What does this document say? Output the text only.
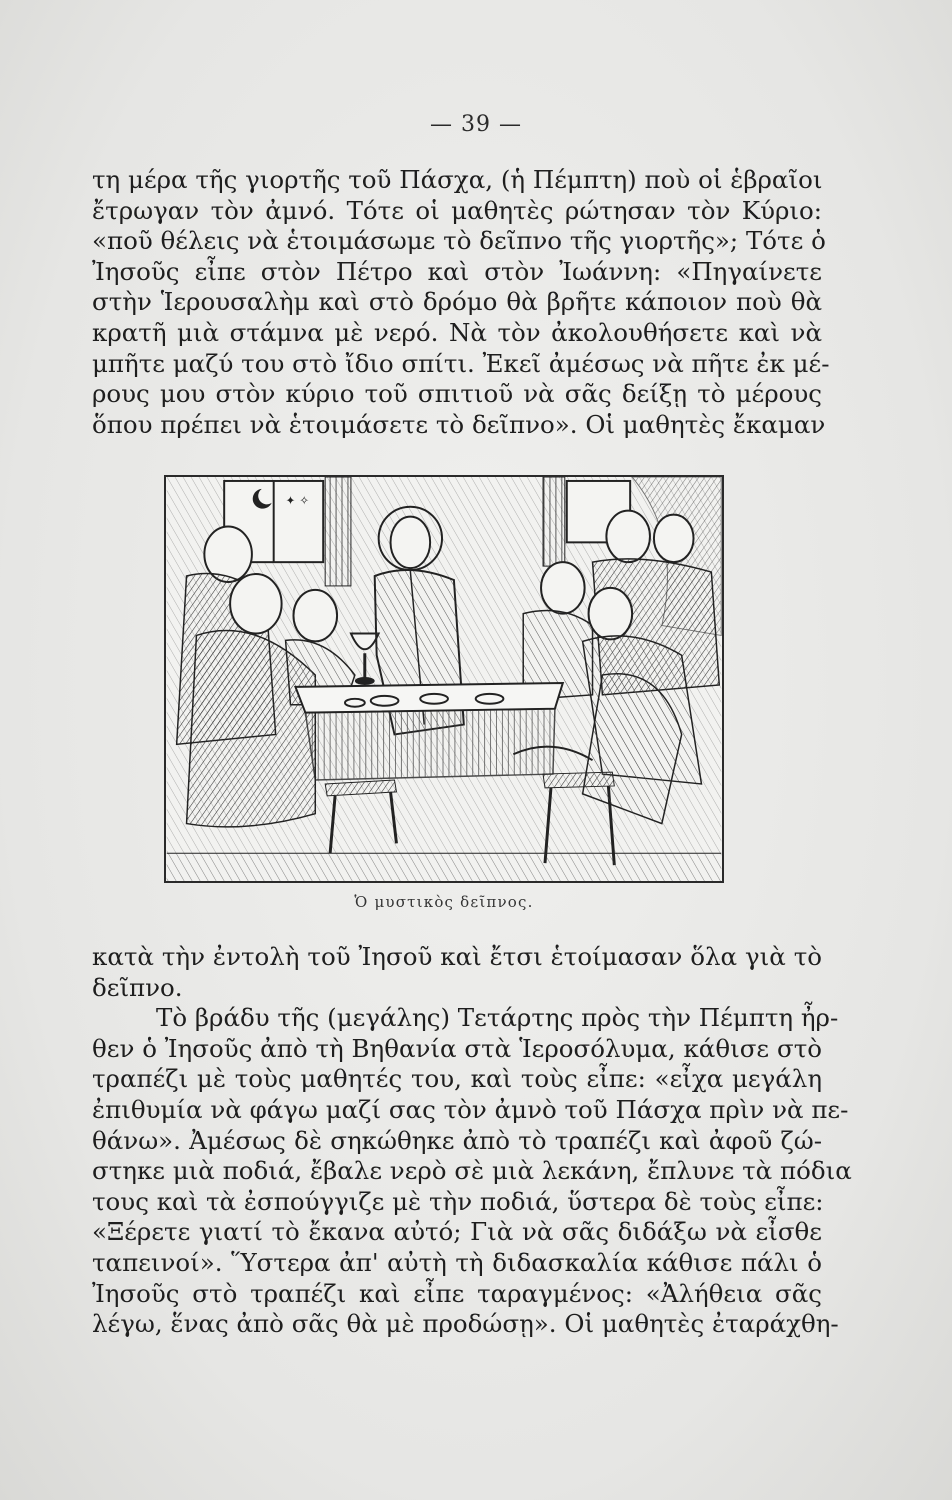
— 39 —
τη μέρα τῆς γιορτῆς τοῦ Πάσχα, (ἡ Πέμπτη) ποὺ οἱ ἑβραῖοι
ἔτρωγαν τὸν ἀμνό. Τότε οἱ μαθητὲς ρώτησαν τὸν Κύριο:
«ποῦ θέλεις νὰ ἑτοιμάσωμε τὸ δεῖπνο τῆς γιορτῆς»; Τότε ὁ
Ἰησοῦς εἶπε στὸν Πέτρο καὶ στὸν Ἰωάννη: «Πηγαίνετε
στὴν Ἱερουσαλὴμ καὶ στὸ δρόμο θὰ βρῆτε κάποιον ποὺ θὰ
κρατῆ μιὰ στάμνα μὲ νερό. Νὰ τὸν ἀκολουθήσετε καὶ νὰ
μπῆτε μαζύ του στὸ ἴδιο σπίτι. Ἐκεῖ ἀμέσως νὰ πῆτε ἐκ μέ-
ρους μου στὸν κύριο τοῦ σπιτιοῦ νὰ σᾶς δείξῃ τὸ μέρους
ὅπου πρέπει νὰ ἑτοιμάσετε τὸ δεῖπνο». Οἱ μαθητὲς ἔκαμαν
✦ ✧
Ὁ μυστικὸς δεῖπνος.
κατὰ τὴν ἐντολὴ τοῦ Ἰησοῦ καὶ ἔτσι ἑτοίμασαν ὅλα γιὰ τὸ
δεῖπνο.
Τὸ βράδυ τῆς (μεγάλης) Τετάρτης πρὸς τὴν Πέμπτη ἦρ-
θεν ὁ Ἰησοῦς ἀπὸ τὴ Βηθανία στὰ Ἱεροσόλυμα, κάθισε στὸ
τραπέζι μὲ τοὺς μαθητές του, καὶ τοὺς εἶπε: «εἶχα μεγάλη
ἐπιθυμία νὰ φάγω μαζί σας τὸν ἀμνὸ τοῦ Πάσχα πρὶν νὰ πε-
θάνω». Ἀμέσως δὲ σηκώθηκε ἀπὸ τὸ τραπέζι καὶ ἀφοῦ ζώ-
στηκε μιὰ ποδιά, ἔβαλε νερὸ σὲ μιὰ λεκάνη, ἔπλυνε τὰ πόδια
τους καὶ τὰ ἐσπούγγιζε μὲ τὴν ποδιά, ὕστερα δὲ τοὺς εἶπε:
«Ξέρετε γιατί τὸ ἔκανα αὐτό; Γιὰ νὰ σᾶς διδάξω νὰ εἶσθε
ταπεινοί». Ὕστερα ἀπ' αὐτὴ τὴ διδασκαλία κάθισε πάλι ὁ
Ἰησοῦς στὸ τραπέζι καὶ εἶπε ταραγμένος: «Ἀλήθεια σᾶς
λέγω, ἕνας ἀπὸ σᾶς θὰ μὲ προδώσῃ». Οἱ μαθητὲς ἐταράχθη-
